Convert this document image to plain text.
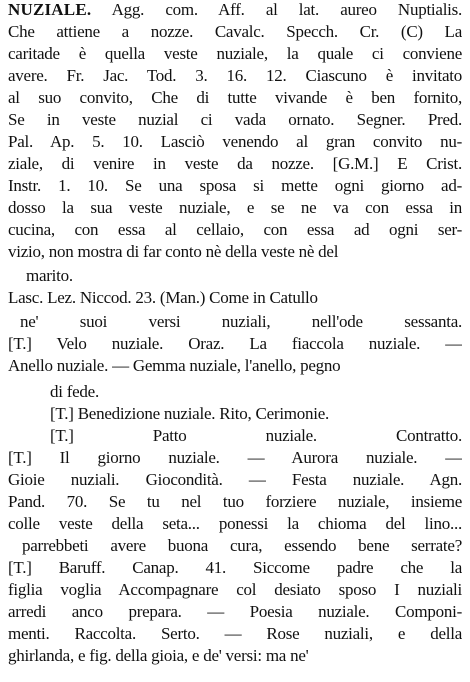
NUZIALE. Agg. com. Aff. al lat. aureo Nuptialis.
Che attiene a nozze. Cavalc. Specch. Cr. (C) La
caritade è quella veste nuziale, la quale ci conviene
avere. Fr. Jac. Tod. 3. 16. 12. Ciascuno è invitato
al suo convito, Che di tutte vivande è ben fornito,
Se in veste nuzial ci vada ornato. Segner. Pred.
Pal. Ap. 5. 10. Lasciò venendo al gran convito nu-
ziale, di venire in veste da nozze. [G.M.] E Crist.
Instr. 1. 10. Se una sposa si mette ogni giorno ad-
dosso la sua veste nuziale, e se ne va con essa in
cucina, con essa al cellaio, con essa ad ogni ser-
vizio, non mostra di far conto nè della veste nè del
marito.
Lasc. Lez. Niccod. 23. (Man.) Come in Catullo
ne' suoi versi nuziali, nell'ode sessanta.
[T.] Velo nuziale. Oraz. La fiaccola nuziale. —
Anello nuziale. — Gemma nuziale, l'anello, pegno
di fede.
[T.] Benedizione nuziale. Rito, Cerimonie.
[T.] Patto nuziale. Contratto.
[T.] Il giorno nuziale. — Aurora nuziale. —
Gioie nuziali. Giocondità. — Festa nuziale. Agn.
Pand. 70. Se tu nel tuo forziere nuziale, insieme
colle veste della seta... ponessi la chioma del lino...
parrebbeti avere buona cura, essendo bene serrate?
[T.] Baruff. Canap. 41. Siccome padre che la
figlia voglia Accompagnare col desiato sposo I nuziali
arredi anco prepara. — Poesia nuziale. Componi-
menti. Raccolta. Serto. — Rose nuziali, e della
ghirlanda, e fig. della gioia, e de' versi: ma ne'
